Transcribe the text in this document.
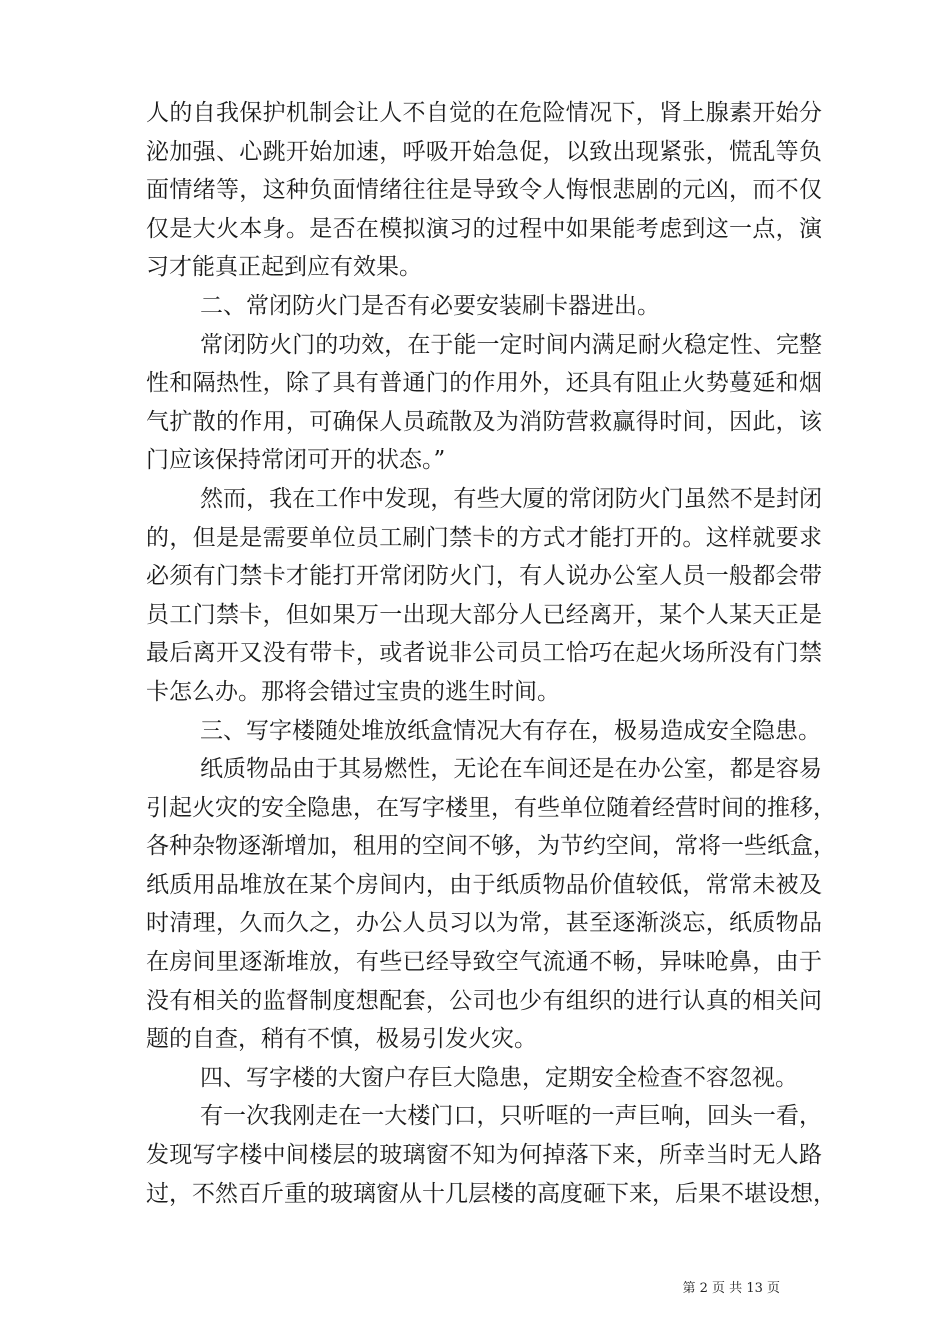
人的自我保护机制会让人不自觉的在危险情况下，肾上腺素开始分
泌加强、心跳开始加速，呼吸开始急促，以致出现紧张，慌乱等负
面情绪等，这种负面情绪往往是导致令人悔恨悲剧的元凶，而不仅
仅是大火本身。是否在模拟演习的过程中如果能考虑到这一点，演
习才能真正起到应有效果。
二、常闭防火门是否有必要安装刷卡器进出。
常闭防火门的功效，在于能一定时间内满足耐火稳定性、完整
性和隔热性，除了具有普通门的作用外，还具有阻止火势蔓延和烟
气扩散的作用，可确保人员疏散及为消防营救赢得时间，因此，该
门应该保持常闭可开的状态。”
然而，我在工作中发现，有些大厦的常闭防火门虽然不是封闭
的，但是是需要单位员工刷门禁卡的方式才能打开的。这样就要求
必须有门禁卡才能打开常闭防火门，有人说办公室人员一般都会带
员工门禁卡，但如果万一出现大部分人已经离开，某个人某天正是
最后离开又没有带卡，或者说非公司员工恰巧在起火场所没有门禁
卡怎么办。那将会错过宝贵的逃生时间。
三、写字楼随处堆放纸盒情况大有存在，极易造成安全隐患。
纸质物品由于其易燃性，无论在车间还是在办公室，都是容易
引起火灾的安全隐患，在写字楼里，有些单位随着经营时间的推移，
各种杂物逐渐增加，租用的空间不够，为节约空间，常将一些纸盒，
纸质用品堆放在某个房间内，由于纸质物品价值较低，常常未被及
时清理，久而久之，办公人员习以为常，甚至逐渐淡忘，纸质物品
在房间里逐渐堆放，有些已经导致空气流通不畅，异味呛鼻，由于
没有相关的监督制度想配套，公司也少有组织的进行认真的相关问
题的自查，稍有不慎，极易引发火灾。
四、写字楼的大窗户存巨大隐患，定期安全检查不容忽视。
有一次我刚走在一大楼门口，只听哐的一声巨响，回头一看，
发现写字楼中间楼层的玻璃窗不知为何掉落下来，所幸当时无人路
过，不然百斤重的玻璃窗从十几层楼的高度砸下来，后果不堪设想，
第 2 页 共 13 页
